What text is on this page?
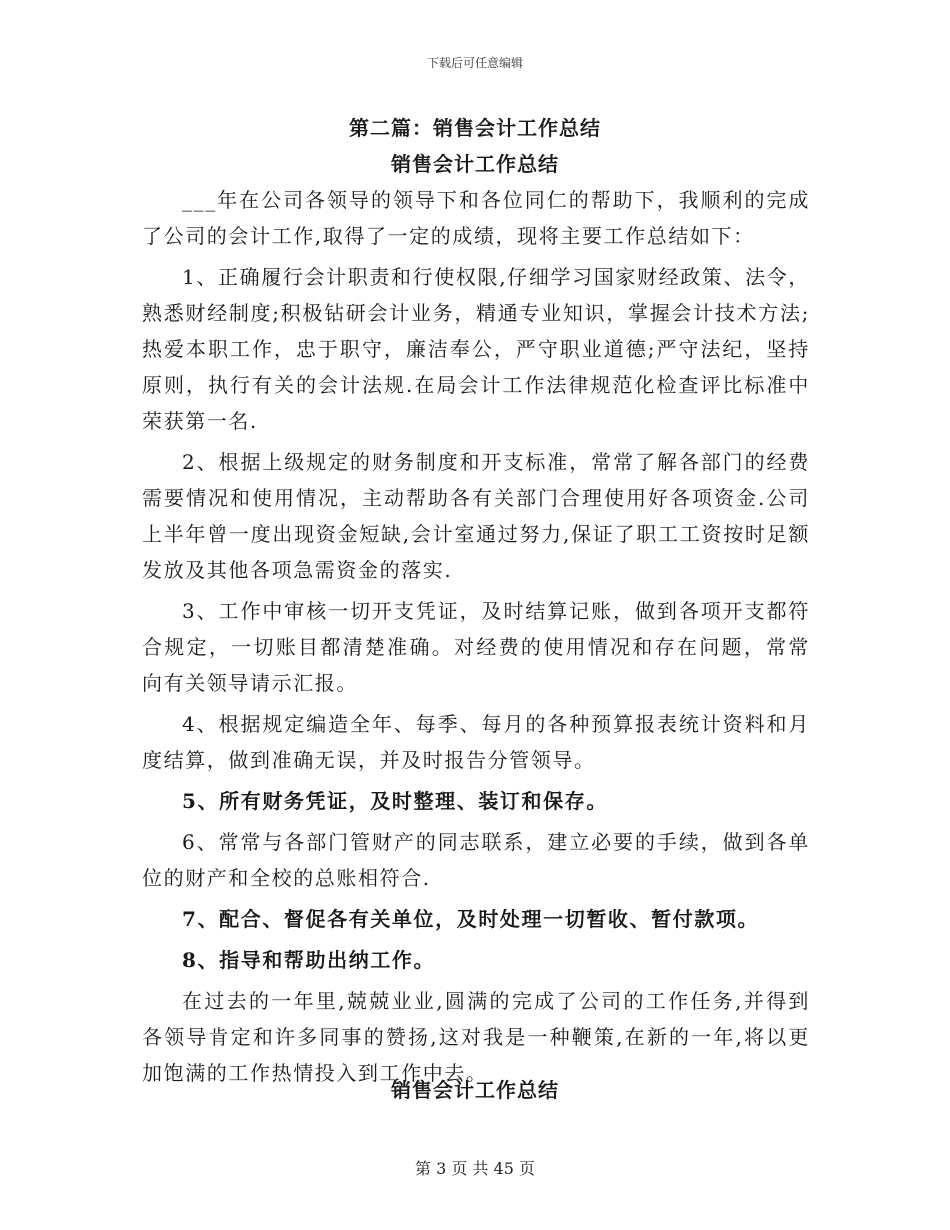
下载后可任意编辑
第二篇：销售会计工作总结
销售会计工作总结

___年在公司各领导的领导下和各位同仁的帮助下，我顺利的完成了公司的会计工作,取得了一定的成绩，现将主要工作总结如下：

1、正确履行会计职责和行使权限,仔细学习国家财经政策、法令，熟悉财经制度;积极钻研会计业务，精通专业知识，掌握会计技术方法;热爱本职工作，忠于职守，廉洁奉公，严守职业道德;严守法纪，坚持原则，执行有关的会计法规.在局会计工作法律规范化检查评比标准中荣获第一名.

2、根据上级规定的财务制度和开支标准，常常了解各部门的经费需要情况和使用情况，主动帮助各有关部门合理使用好各项资金.公司上半年曾一度出现资金短缺,会计室通过努力,保证了职工工资按时足额发放及其他各项急需资金的落实.

3、工作中审核一切开支凭证，及时结算记账，做到各项开支都符合规定，一切账目都清楚准确。对经费的使用情况和存在问题，常常向有关领导请示汇报。

4、根据规定编造全年、每季、每月的各种预算报表统计资料和月度结算，做到准确无误，并及时报告分管领导。

5、所有财务凭证，及时整理、装订和保存。

6、常常与各部门管财产的同志联系，建立必要的手续，做到各单位的财产和全校的总账相符合.

7、配合、督促各有关单位，及时处理一切暂收、暂付款项。

8、指导和帮助出纳工作。

在过去的一年里,兢兢业业,圆满的完成了公司的工作任务,并得到各领导肯定和许多同事的赞扬,这对我是一种鞭策,在新的一年,将以更加饱满的工作热情投入到工作中去。

销售会计工作总结
第 3 页 共 45 页
